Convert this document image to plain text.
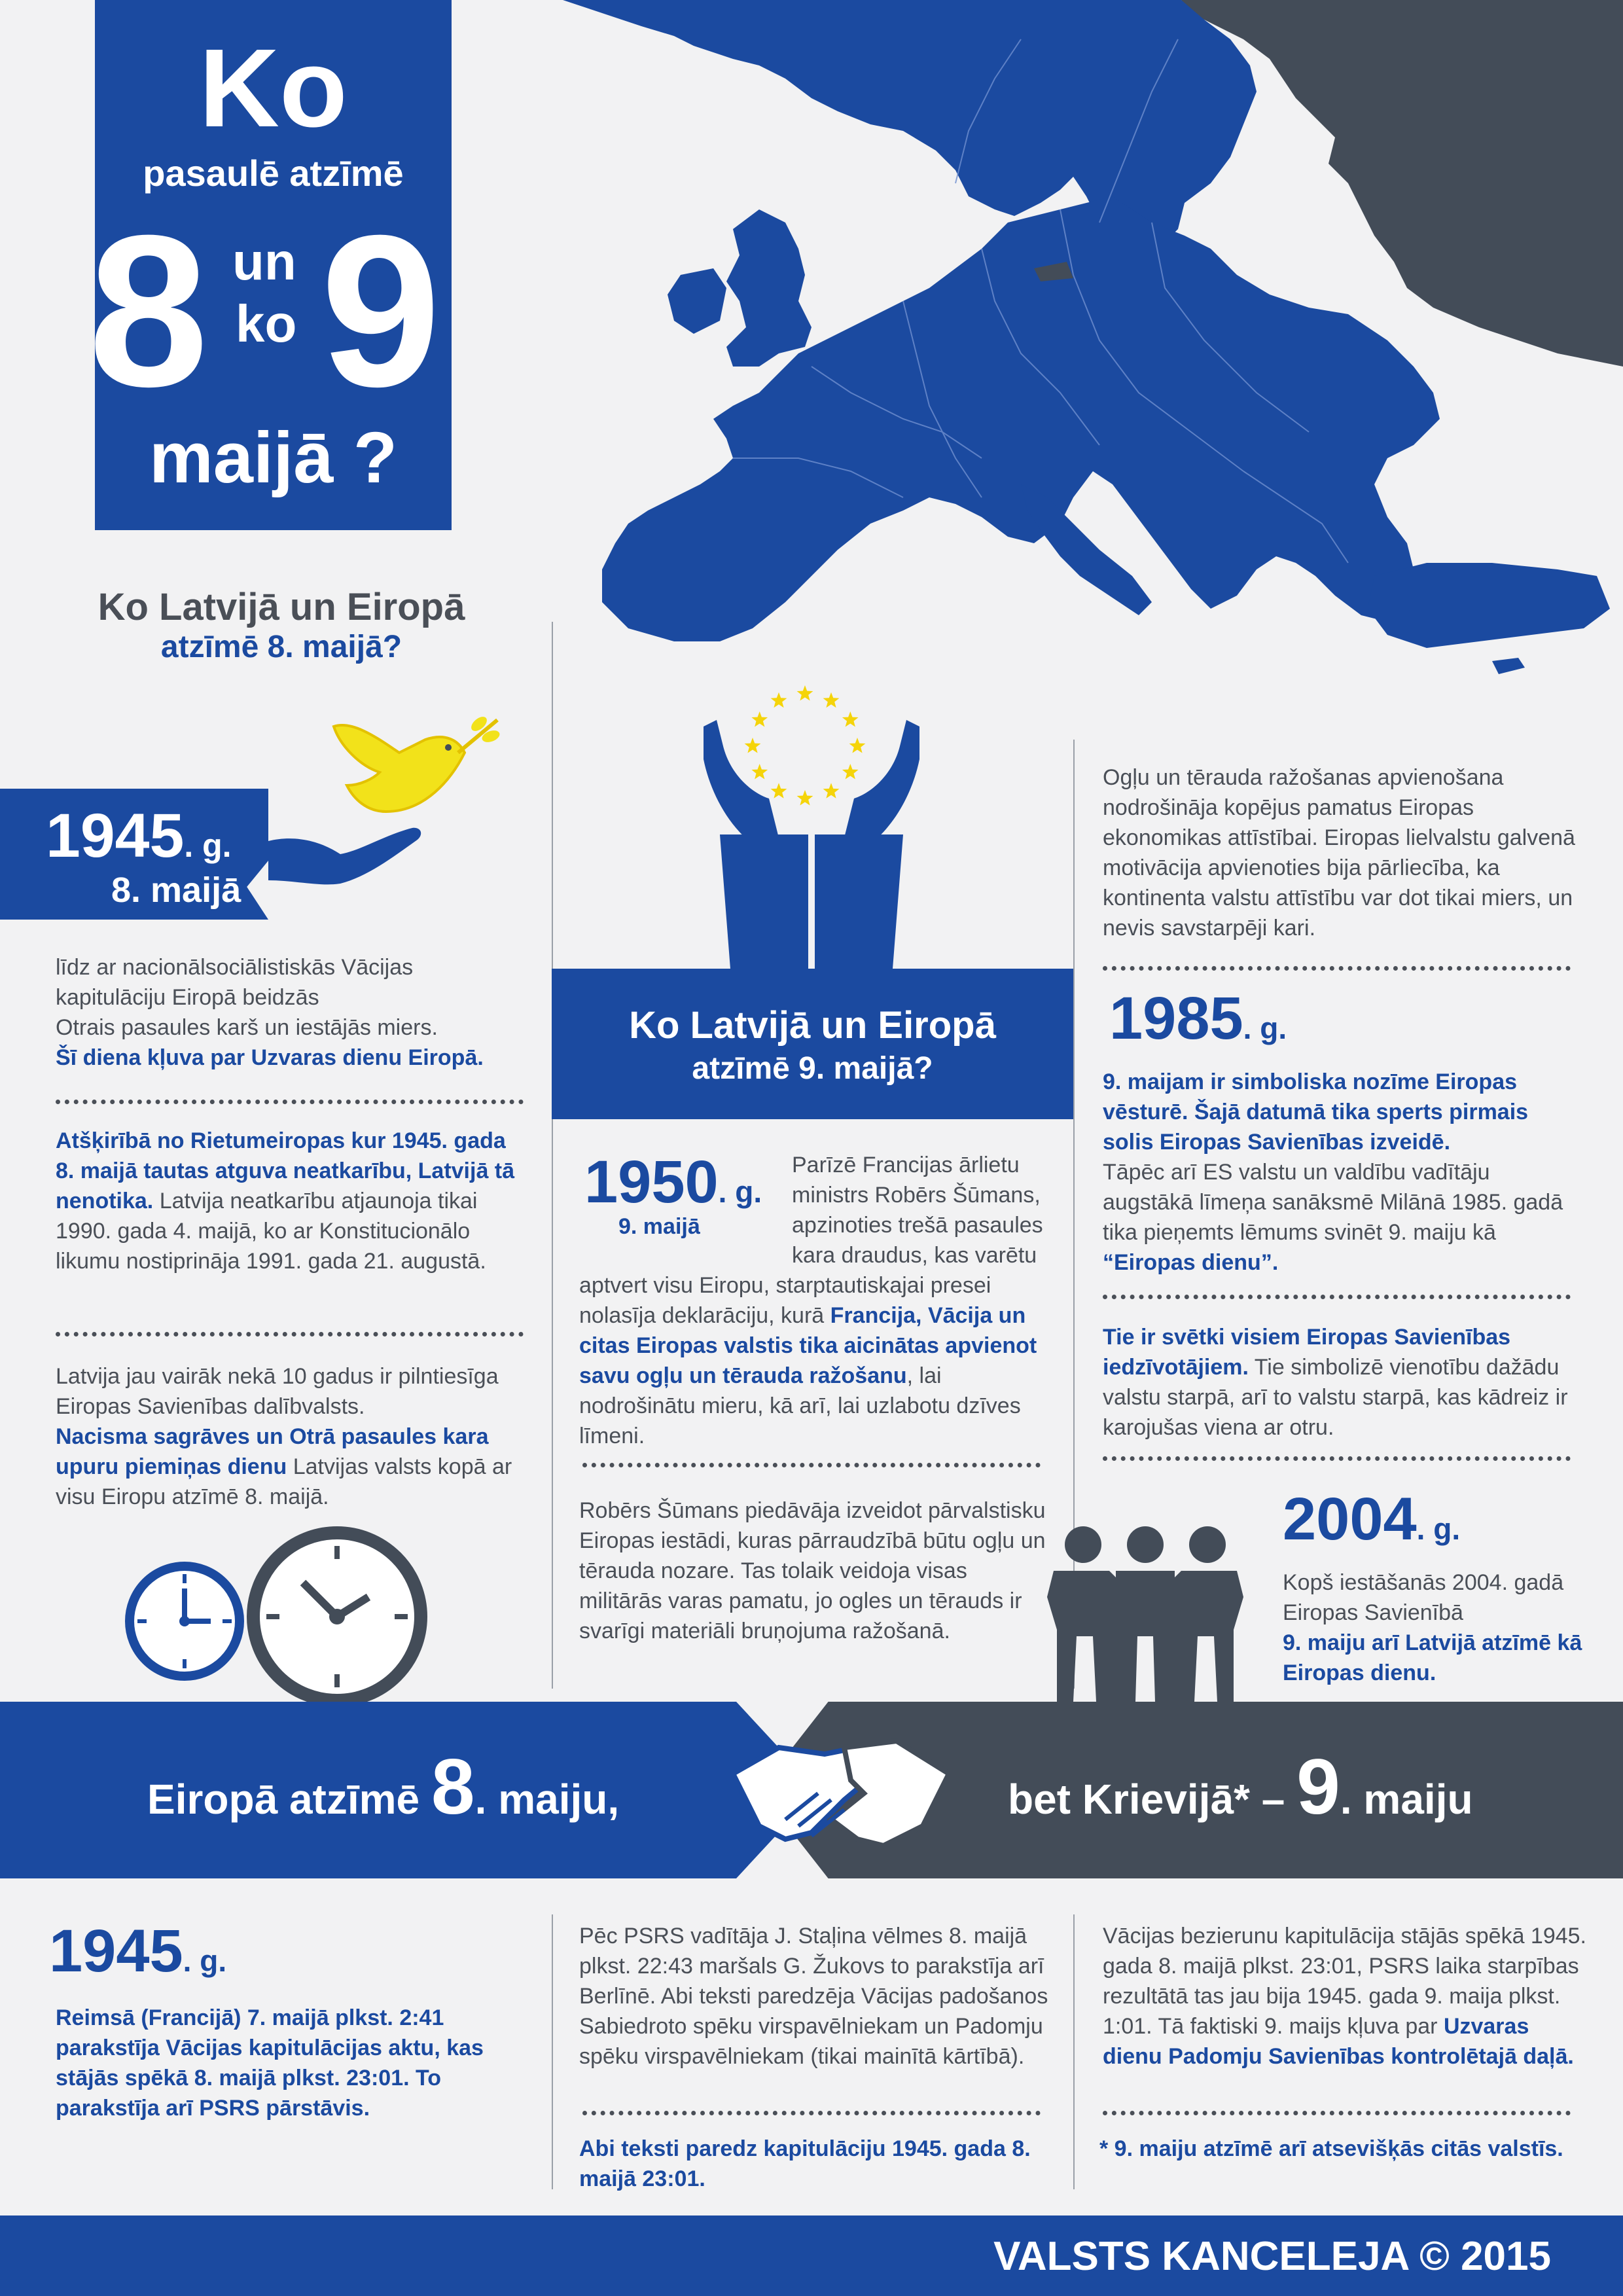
Ko
pasaulē atzīmē
8 un
ko 9
maijā ?
Ko Latvijā un Eiropā
atzīmē 8. maijā?
1945. g.
8. maijā

līdz ar nacionālsociālistiskās Vācijas kapitulāciju Eiropā beidzās

Otrais pasaules karš un iestājās miers.

Šī diena kļuva par Uzvaras dienu Eiropā.

Atšķirībā no Rietumeiropas kur 1945. gada 8. maijā tautas atguva neatkarību, Latvijā tā nenotika. Latvija neatkarību atjaunoja tikai 1990. gada 4. maijā, ko ar Konstitucionālo likumu nostiprināja 1991. gada 21. augustā.

Latvija jau vairāk nekā 10 gadus ir pilntiesīga Eiropas Savienības dalībvalsts.

Nacisma sagrāves un Otrā pasaules kara upuru piemiņas dienu Latvijas valsts kopā ar visu Eiropu atzīmē 8. maijā.
Ko Latvijā un Eiropā
atzīmē 9. maijā?
1950. g.
9. maijā
Parīzē Francijas ārlietu ministrs Robērs Šūmans, apzinoties trešā pasaules kara draudus, kas varētu aptvert visu Eiropu, starptautiskajai presei nolasīja deklarāciju, kurā Francija, Vācija un citas Eiropas valstis tika aicinātas apvienot savu ogļu un tērauda ražošanu, lai nodrošinātu mieru, kā arī, lai uzlabotu dzīves līmeni.
Robērs Šūmans piedāvāja izveidot pārvalstisku Eiropas iestādi, kuras pārraudzībā būtu ogļu un tērauda nozare. Tas tolaik veidoja visas militārās varas pamatu, jo ogles un tērauds ir svarīgi materiāli bruņojuma ražošanā.
Ogļu un tērauda ražošanas apvienošana nodrošināja kopējus pamatus Eiropas ekonomikas attīstībai. Eiropas lielvalstu galvenā motivācija apvienoties bija pārliecība, ka kontinenta valstu attīstību var dot tikai miers, un nevis savstarpēji kari.
1985. g.

9. maijam ir simboliska nozīme Eiropas vēsturē. Šajā datumā tika sperts pirmais solis Eiropas Savienības izveidē.

Tāpēc arī ES valstu un valdību vadītāju augstākā līmeņa sanāksmē Milānā 1985. gadā tika pieņemts lēmums svinēt 9. maiju kā “Eiropas dienu”.
Tie ir svētki visiem Eiropas Savienības iedzīvotājiem. Tie simbolizē vienotību dažādu valstu starpā, arī to valstu starpā, kas kādreiz ir karojušas viena ar otru.
2004. g.

Kopš iestāšanās 2004. gadā Eiropas Savienībā

9. maiju arī Latvijā atzīmē kā Eiropas dienu.

Eiropā atzīmē 8. maiju,	bet Krievijā* – 9. maiju
1945. g.
Reimsā (Francijā) 7. maijā plkst. 2:41 parakstīja Vācijas kapitulācijas aktu, kas stājās spēkā 8. maijā plkst. 23:01. To parakstīja arī PSRS pārstāvis.
Pēc PSRS vadītāja J. Staļina vēlmes 8. maijā plkst. 22:43 maršals G. Žukovs to parakstīja arī Berlīnē. Abi teksti paredzēja Vācijas padošanos Sabiedroto spēku virspavēlniekam un Padomju spēku virspavēlniekam (tikai mainītā kārtībā).
Abi teksti paredz kapitulāciju 1945. gada 8. maijā 23:01.
Vācijas bezierunu kapitulācija stājās spēkā 1945. gada 8. maijā plkst. 23:01, PSRS laika starpības rezultātā tas jau bija 1945. gada 9. maija plkst. 1:01. Tā faktiski 9. maijs kļuva par Uzvaras dienu Padomju Savienības kontrolētajā daļā.
* 9. maiju atzīmē arī atsevišķās citās valstīs.
VALSTS KANCELEJA © 2015
